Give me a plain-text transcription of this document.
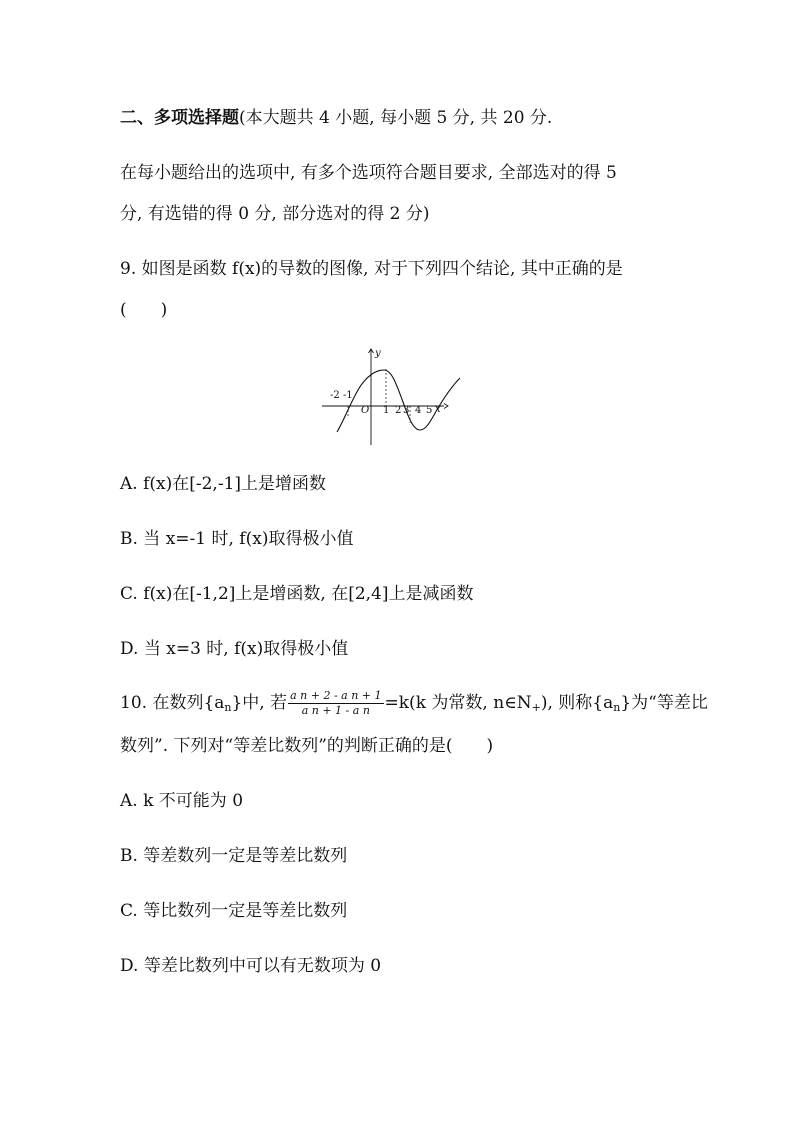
二、多项选择题(本大题共 4 小题, 每小题 5 分, 共 20 分.
在每小题给出的选项中, 有多个选项符合题目要求, 全部选对的得 5
分, 有选错的得 0 分, 部分选对的得 2 分)
9. 如图是函数 f(x)的导数的图像, 对于下列四个结论, 其中正确的是
(　　)
y
x
O
-2 -1
1 2 3 4 5
A. f(x)在[-2,-1]上是增函数
B. 当 x=-1 时, f(x)取得极小值
C. f(x)在[-1,2]上是增函数, 在[2,4]上是减函数
D. 当 x=3 时, f(x)取得极小值
10. 在数列$\{a_n\}$中, 若 $\frac{\text{a n + 2 - a n + 1}}{\text{a n + 1 - a n}} =k(k$ 为常数, $n\in N_+$), 则称$\{a_n\}$为“等差比
数列”. 下列对“等差比数列”的判断正确的是(　　)
A. k 不可能为 0
B. 等差数列一定是等差比数列
C. 等比数列一定是等差比数列
D. 等差比数列中可以有无数项为 0
